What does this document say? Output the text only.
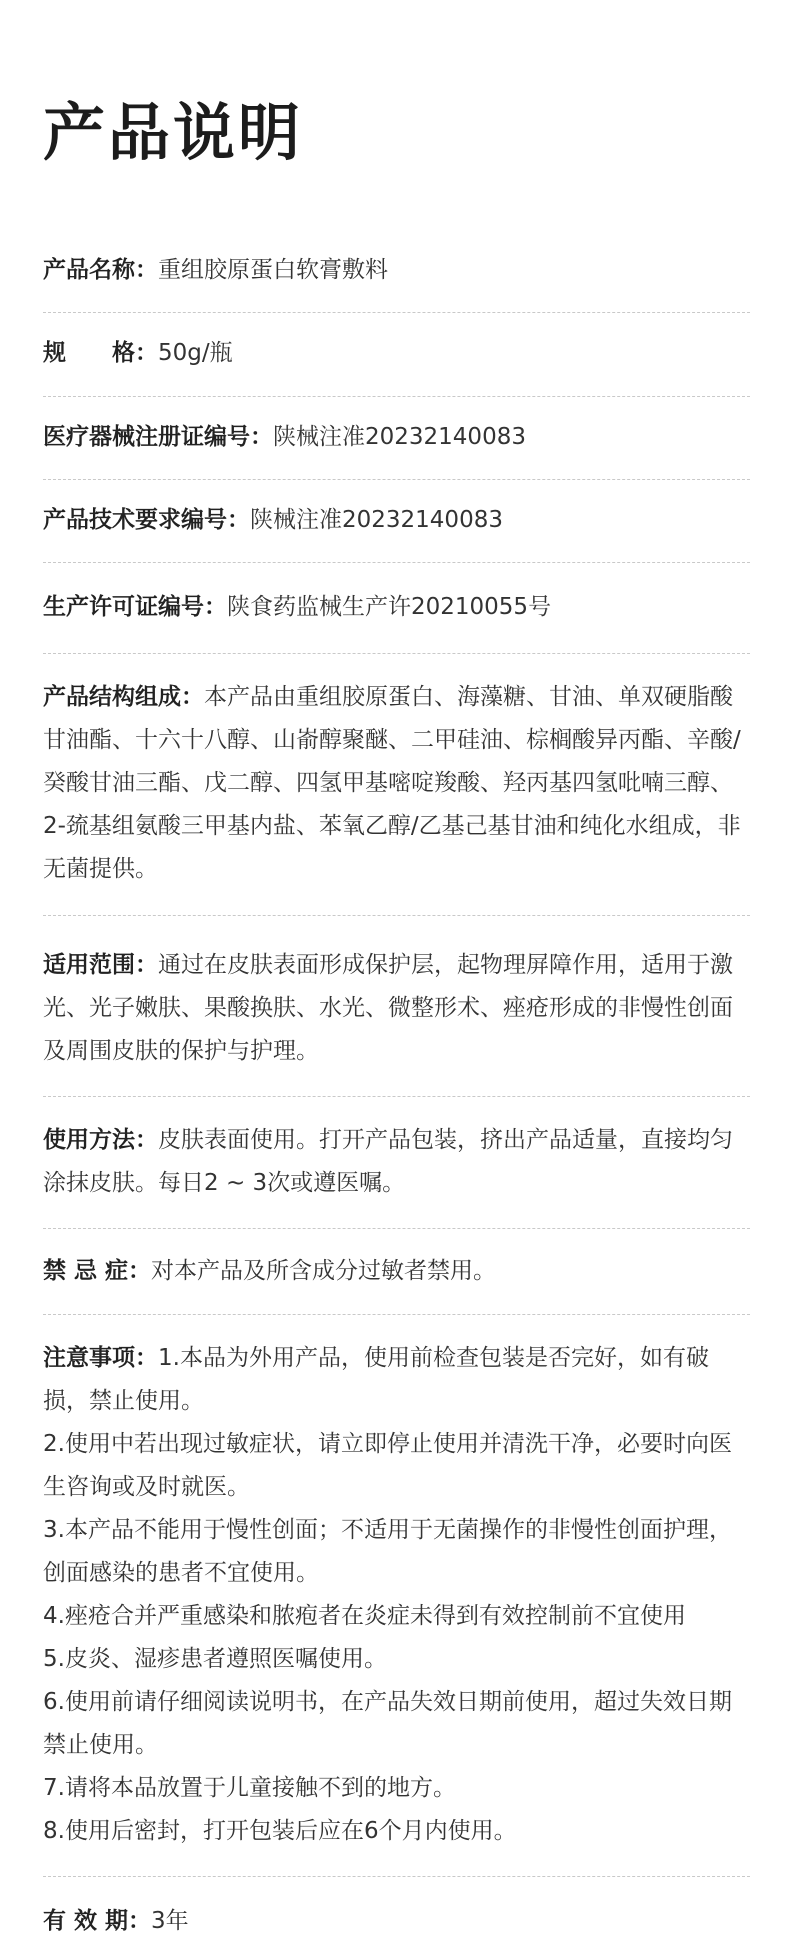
产品说明
产品名称：重组胶原蛋白软膏敷料
规　　格：50g/瓶
医疗器械注册证编号：陕械注准20232140083
产品技术要求编号：陕械注准20232140083
生产许可证编号：陕食药监械生产许20210055号
产品结构组成：本产品由重组胶原蛋白、海藻糖、甘油、单双硬脂酸甘油酯、十六十八醇、山嵛醇聚醚、二甲硅油、棕榈酸异丙酯、辛酸/癸酸甘油三酯、戊二醇、四氢甲基嘧啶羧酸、羟丙基四氢吡喃三醇、2-巯基组氨酸三甲基内盐、苯氧乙醇/乙基己基甘油和纯化水组成，非无菌提供。
适用范围：通过在皮肤表面形成保护层，起物理屏障作用，适用于激光、光子嫩肤、果酸换肤、水光、微整形术、痤疮形成的非慢性创面及周围皮肤的保护与护理。
使用方法：皮肤表面使用。打开产品包装，挤出产品适量，直接均匀涂抹皮肤。每日2 ~ 3次或遵医嘱。
禁 忌 症：对本产品及所含成分过敏者禁用。
注意事项：1.本品为外用产品，使用前检查包装是否完好，如有破损，禁止使用。
2.使用中若出现过敏症状，请立即停止使用并清洗干净，必要时向医生咨询或及时就医。
3.本产品不能用于慢性创面；不适用于无菌操作的非慢性创面护理，创面感染的患者不宜使用。
4.痤疮合并严重感染和脓疱者在炎症未得到有效控制前不宜使用
5.皮炎、湿疹患者遵照医嘱使用。
6.使用前请仔细阅读说明书，在产品失效日期前使用，超过失效日期禁止使用。
7.请将本品放置于儿童接触不到的地方。
8.使用后密封，打开包装后应在6个月内使用。
有 效 期：3年
